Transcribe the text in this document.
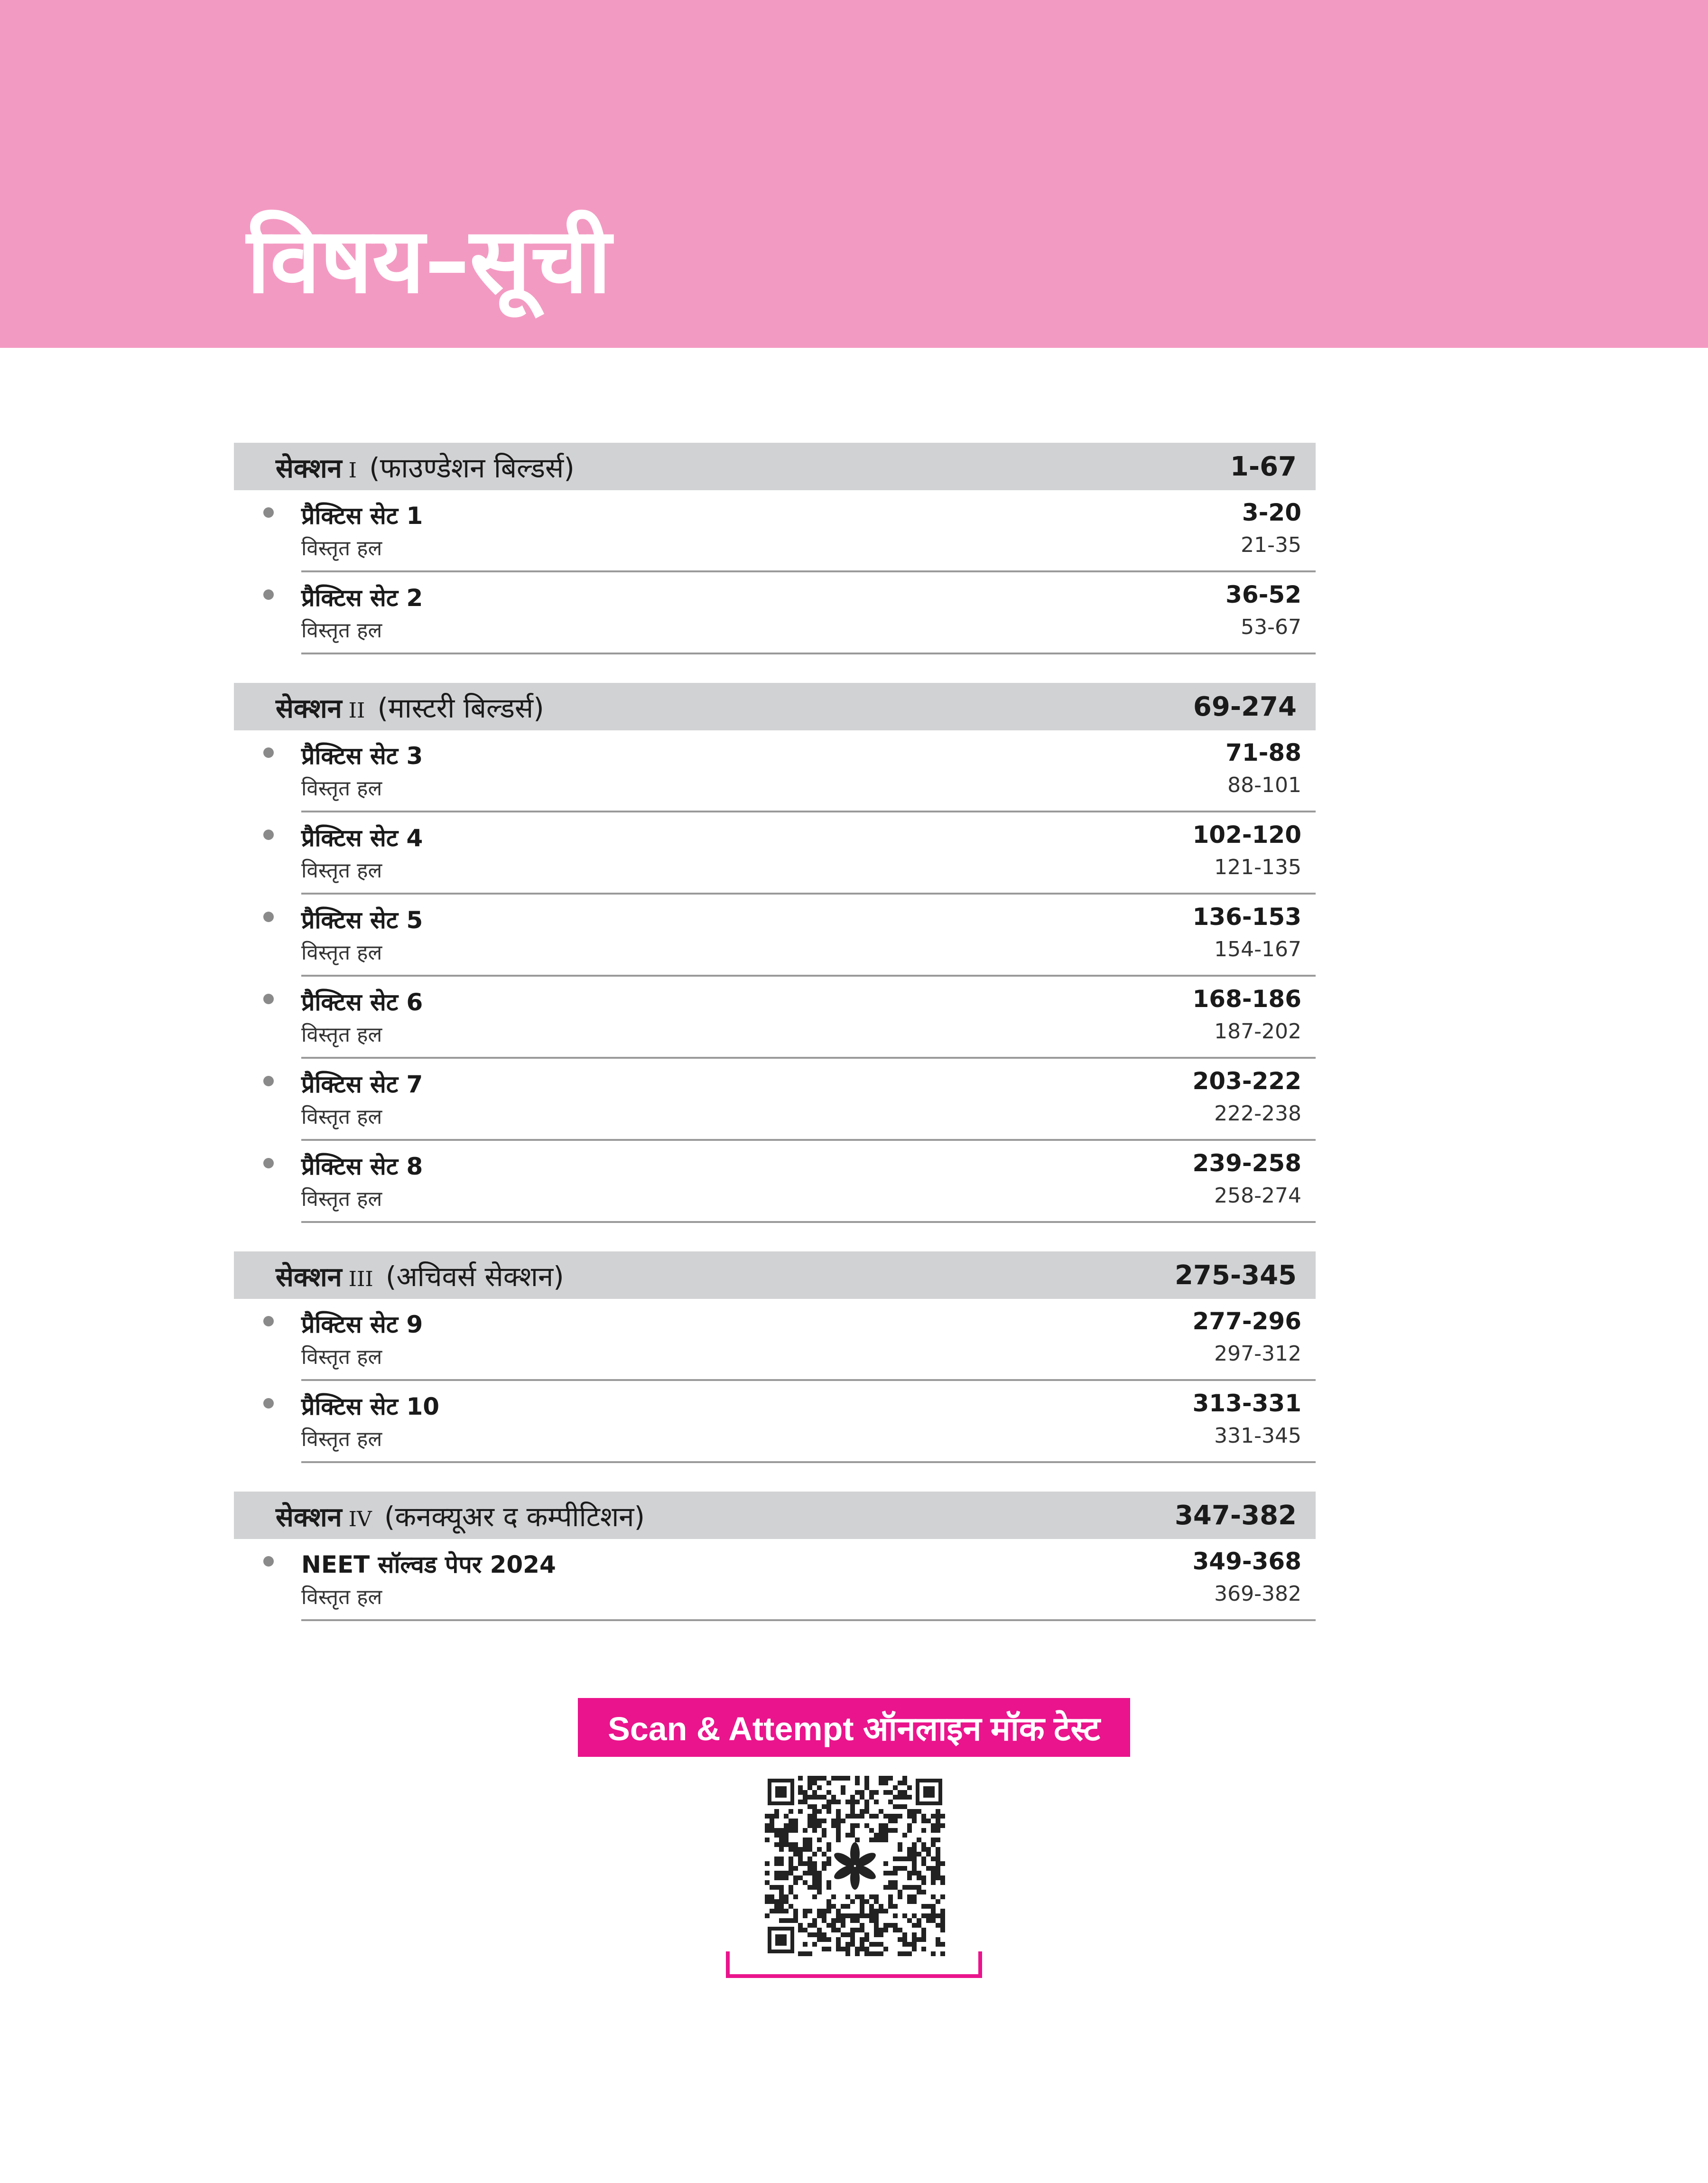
विषय–सूची
सेक्शन I (फाउण्डेशन बिल्डर्स)	1-67
प्रैक्टिस सेट 1	3-20
विस्तृत हल	21-35
प्रैक्टिस सेट 2	36-52
विस्तृत हल	53-67
सेक्शन II (मास्टरी बिल्डर्स)	69-274
प्रैक्टिस सेट 3	71-88
विस्तृत हल	88-101
प्रैक्टिस सेट 4	102-120
विस्तृत हल	121-135
प्रैक्टिस सेट 5	136-153
विस्तृत हल	154-167
प्रैक्टिस सेट 6	168-186
विस्तृत हल	187-202
प्रैक्टिस सेट 7	203-222
विस्तृत हल	222-238
प्रैक्टिस सेट 8	239-258
विस्तृत हल	258-274
सेक्शन III (अचिवर्स सेक्शन)	275-345
प्रैक्टिस सेट 9	277-296
विस्तृत हल	297-312
प्रैक्टिस सेट 10	313-331
विस्तृत हल	331-345
सेक्शन IV (कनक्यूअर द कम्पीटिशन)	347-382
NEET सॉल्वड पेपर 2024	349-368
विस्तृत हल	369-382
Scan & Attempt ऑनलाइन मॉक टेस्ट
